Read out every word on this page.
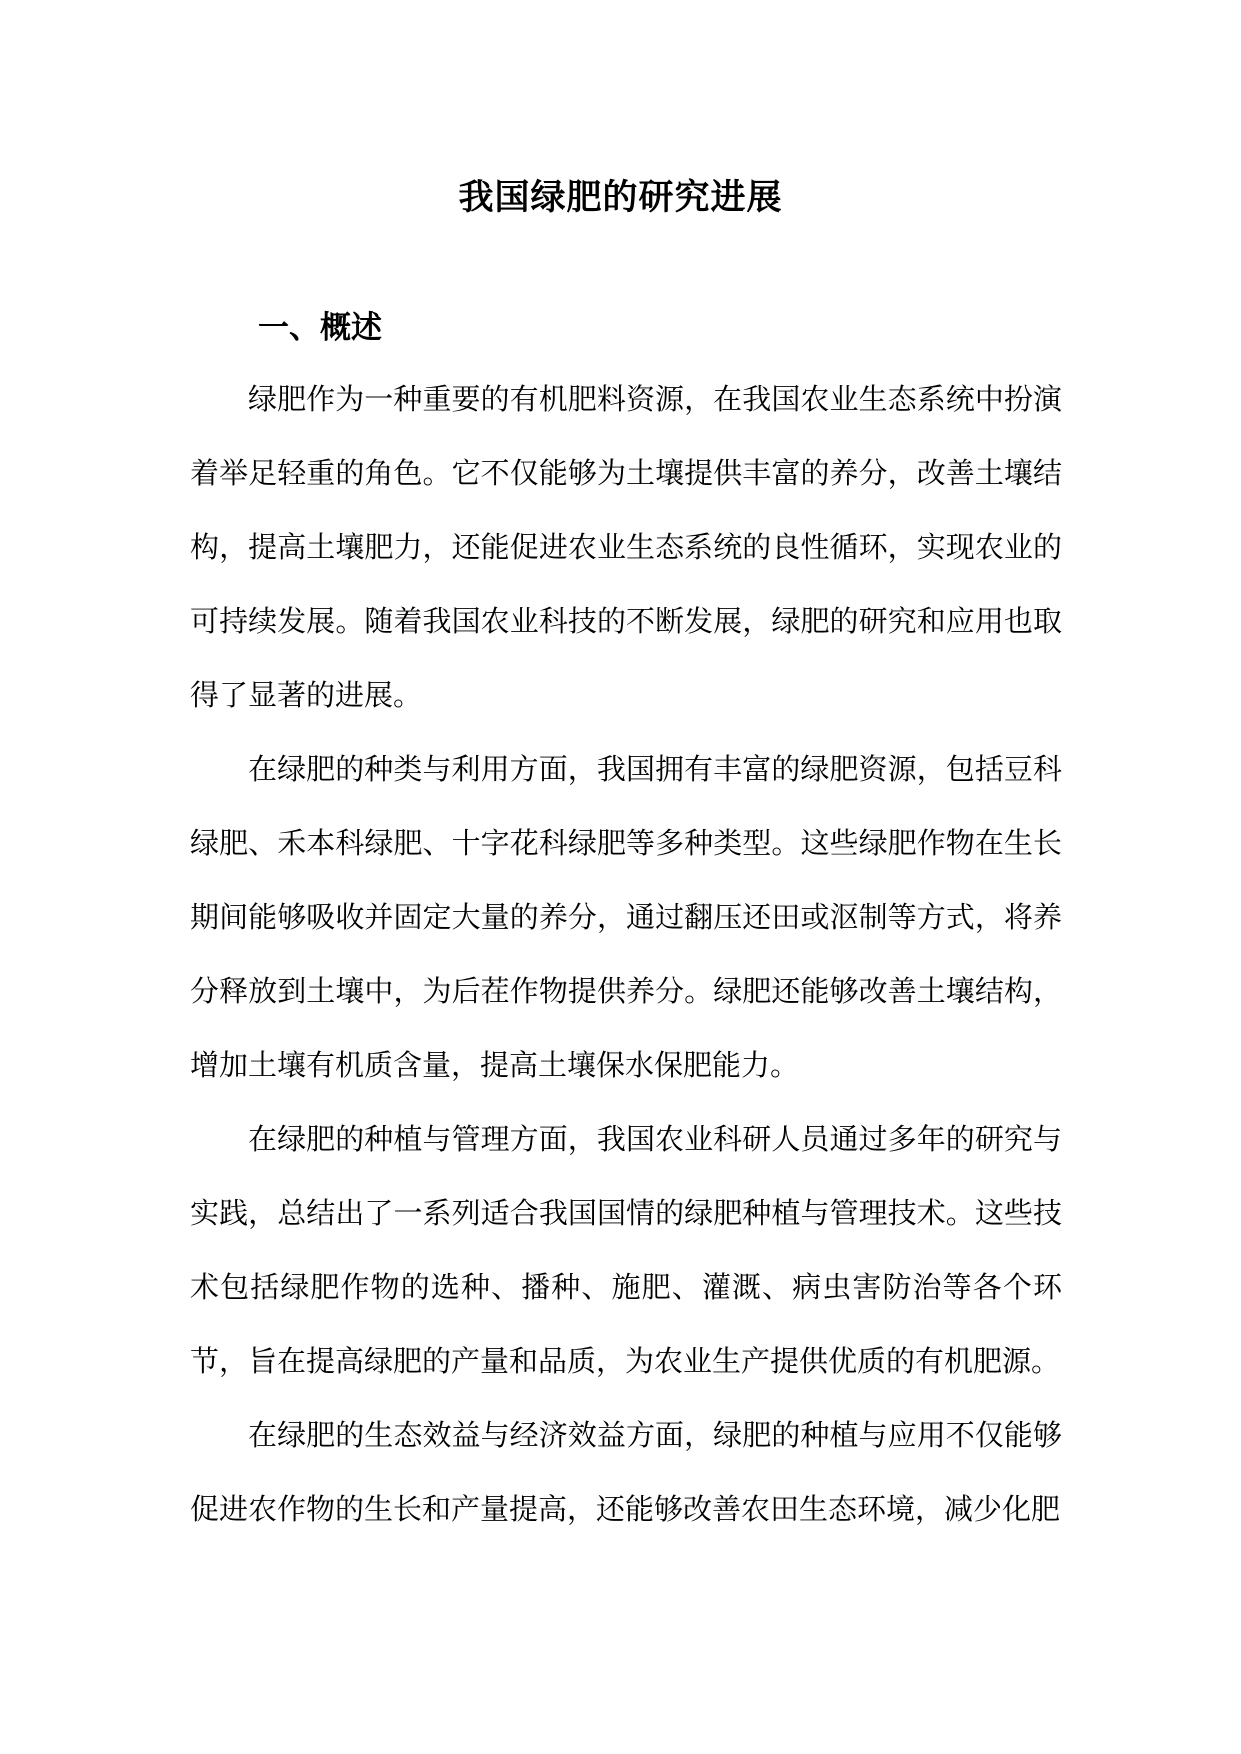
我国绿肥的研究进展
一、概述

绿肥作为一种重要的有机肥料资源，在我国农业生态系统中扮演着举足轻重的角色。它不仅能够为土壤提供丰富的养分，改善土壤结构，提高土壤肥力，还能促进农业生态系统的良性循环，实现农业的可持续发展。随着我国农业科技的不断发展，绿肥的研究和应用也取得了显著的进展。

在绿肥的种类与利用方面，我国拥有丰富的绿肥资源，包括豆科绿肥、禾本科绿肥、十字花科绿肥等多种类型。这些绿肥作物在生长期间能够吸收并固定大量的养分，通过翻压还田或沤制等方式，将养分释放到土壤中，为后茬作物提供养分。绿肥还能够改善土壤结构，增加土壤有机质含量，提高土壤保水保肥能力。

在绿肥的种植与管理方面，我国农业科研人员通过多年的研究与实践，总结出了一系列适合我国国情的绿肥种植与管理技术。这些技术包括绿肥作物的选种、播种、施肥、灌溉、病虫害防治等各个环节，旨在提高绿肥的产量和品质，为农业生产提供优质的有机肥源。

在绿肥的生态效益与经济效益方面，绿肥的种植与应用不仅能够促进农作物的生长和产量提高，还能够改善农田生态环境，减少化肥
